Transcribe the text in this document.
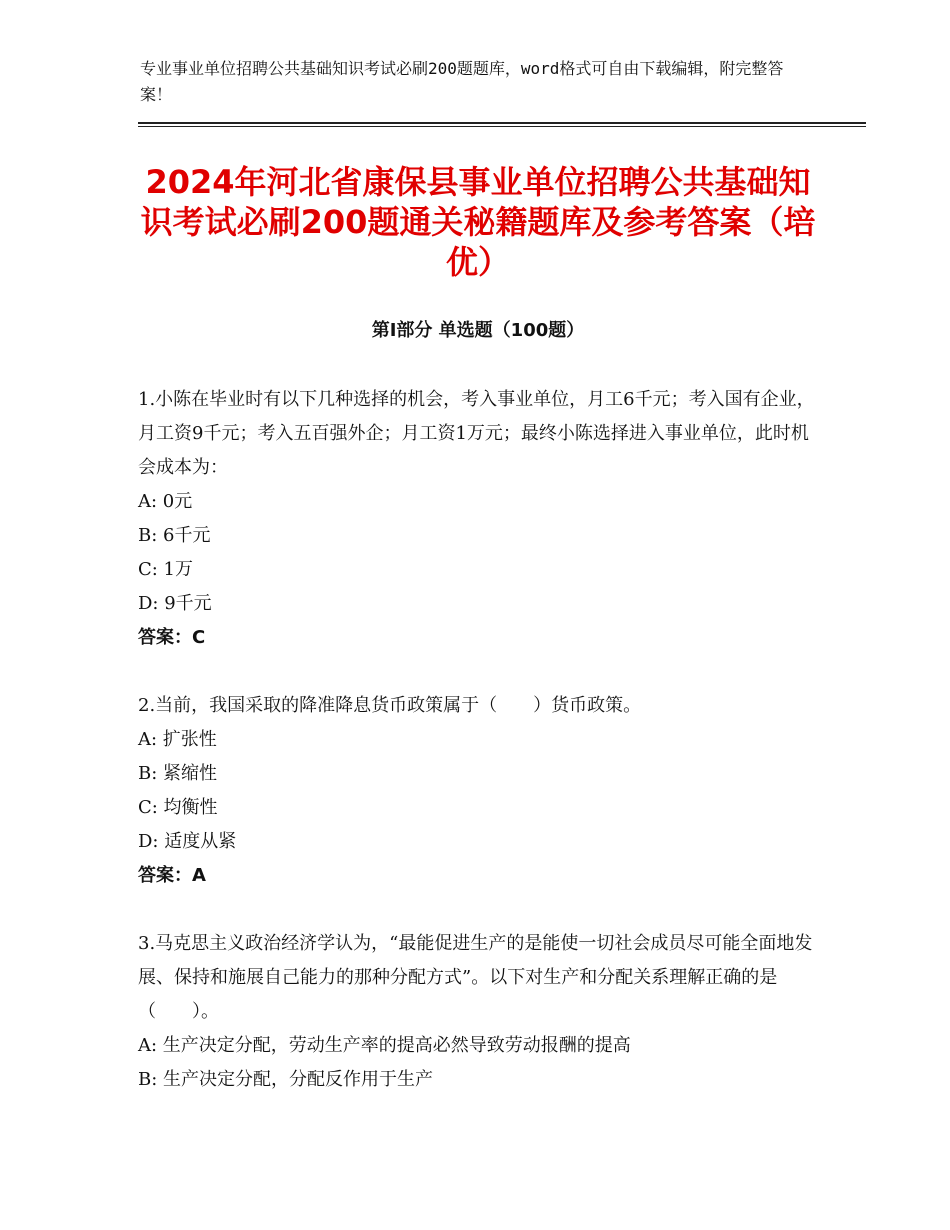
专业事业单位招聘公共基础知识考试必刷200题题库，word格式可自由下载编辑，附完整答案！
2024年河北省康保县事业单位招聘公共基础知识考试必刷200题通关秘籍题库及参考答案（培优）
第Ⅰ部分 单选题（100题）
1.小陈在毕业时有以下几种选择的机会，考入事业单位，月工6千元；考入国有企业，月工资9千元；考入五百强外企；月工资1万元；最终小陈选择进入事业单位，此时机会成本为：
A: 0元
B: 6千元
C: 1万
D: 9千元
答案：C
2.当前，我国采取的降准降息货币政策属于（　　）货币政策。
A: 扩张性
B: 紧缩性
C: 均衡性
D: 适度从紧
答案：A
3.马克思主义政治经济学认为，“最能促进生产的是能使一切社会成员尽可能全面地发展、保持和施展自己能力的那种分配方式”。以下对生产和分配关系理解正确的是（　　）。
A: 生产决定分配，劳动生产率的提高必然导致劳动报酬的提高
B: 生产决定分配，分配反作用于生产
